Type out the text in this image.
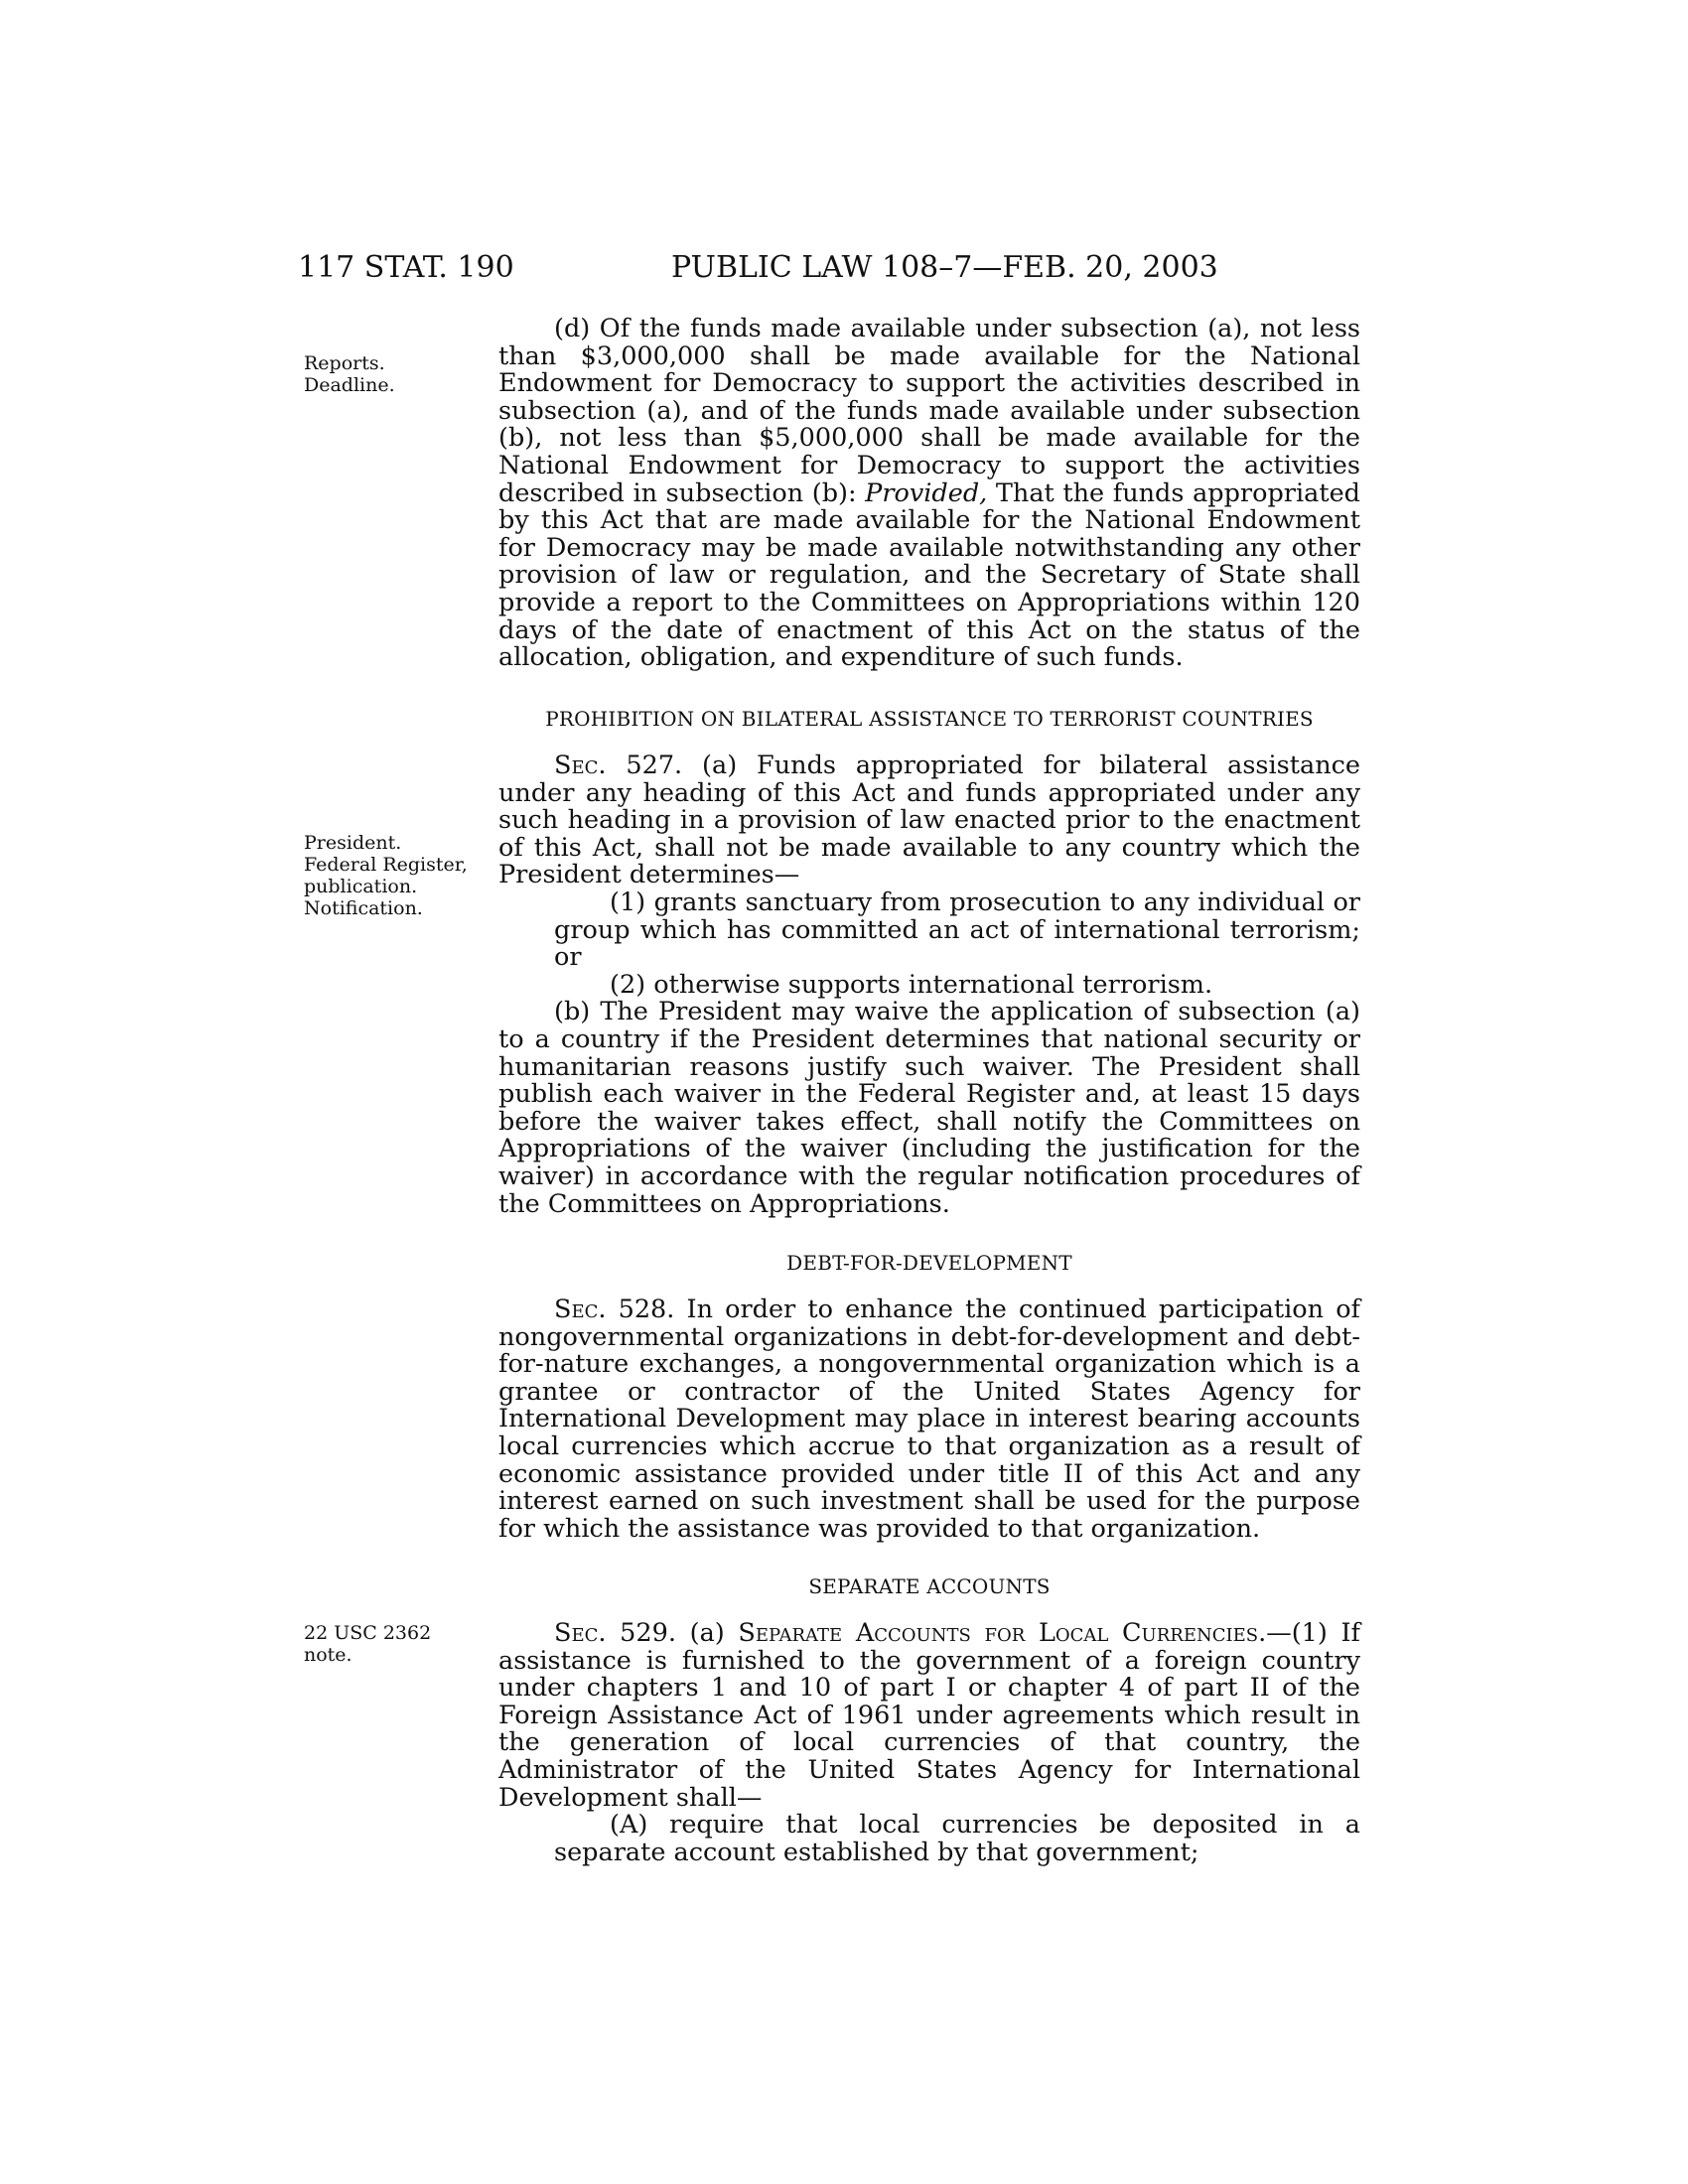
117 STAT. 190	PUBLIC LAW 108–7—FEB. 20, 2003
Reports.
Deadline.
President.
Federal Register,
publication.
Notification.
22 USC 2362
note.

(d) Of the funds made available under subsection (a), not less than $3,000,000 shall be made available for the National Endowment for Democracy to support the activities described in subsection (a), and of the funds made available under subsection (b), not less than $5,000,000 shall be made available for the National Endowment for Democracy to support the activities described in subsection (b): Provided, That the funds appropriated by this Act that are made available for the National Endowment for Democracy may be made available notwithstanding any other provision of law or regulation, and the Secretary of State shall provide a report to the Committees on Appropriations within 120 days of the date of enactment of this Act on the status of the allocation, obligation, and expenditure of such funds.

PROHIBITION ON BILATERAL ASSISTANCE TO TERRORIST COUNTRIES

Sec. 527. (a) Funds appropriated for bilateral assistance under any heading of this Act and funds appropriated under any such heading in a provision of law enacted prior to the enactment of this Act, shall not be made available to any country which the President determines—

(1) grants sanctuary from prosecution to any individual or group which has committed an act of international terrorism; or

(2) otherwise supports international terrorism.

(b) The President may waive the application of subsection (a) to a country if the President determines that national security or humanitarian reasons justify such waiver. The President shall publish each waiver in the Federal Register and, at least 15 days before the waiver takes effect, shall notify the Committees on Appropriations of the waiver (including the justification for the waiver) in accordance with the regular notification procedures of the Committees on Appropriations.

DEBT-FOR-DEVELOPMENT

Sec. 528. In order to enhance the continued participation of nongovernmental organizations in debt-for-development and debt-for-nature exchanges, a nongovernmental organization which is a grantee or contractor of the United States Agency for International Development may place in interest bearing accounts local currencies which accrue to that organization as a result of economic assistance provided under title II of this Act and any interest earned on such investment shall be used for the purpose for which the assistance was provided to that organization.

SEPARATE ACCOUNTS

Sec. 529. (a) Separate Accounts for Local Currencies.—(1) If assistance is furnished to the government of a foreign country under chapters 1 and 10 of part I or chapter 4 of part II of the Foreign Assistance Act of 1961 under agreements which result in the generation of local currencies of that country, the Administrator of the United States Agency for International Development shall—

(A) require that local currencies be deposited in a separate account established by that government;
